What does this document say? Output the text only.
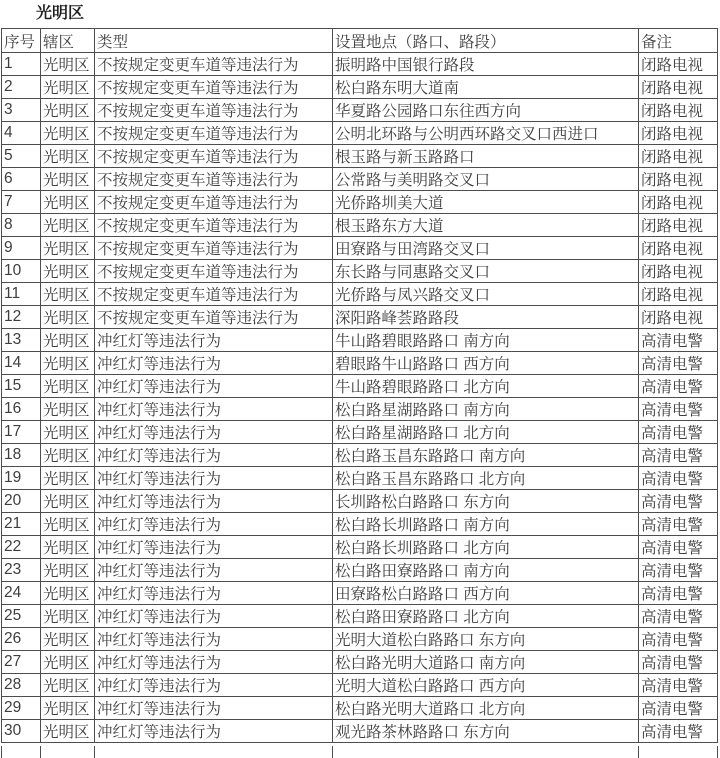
光明区
序号	辖区	类型	设置地点（路口、路段）	备注
1	光明区	不按规定变更车道等违法行为	振明路中国银行路段	闭路电视
2	光明区	不按规定变更车道等违法行为	松白路东明大道南	闭路电视
3	光明区	不按规定变更车道等违法行为	华夏路公园路口东往西方向	闭路电视
4	光明区	不按规定变更车道等违法行为	公明北环路与公明西环路交叉口西进口	闭路电视
5	光明区	不按规定变更车道等违法行为	根玉路与新玉路路口	闭路电视
6	光明区	不按规定变更车道等违法行为	公常路与美明路交叉口	闭路电视
7	光明区	不按规定变更车道等违法行为	光侨路圳美大道	闭路电视
8	光明区	不按规定变更车道等违法行为	根玉路东方大道	闭路电视
9	光明区	不按规定变更车道等违法行为	田寮路与田湾路交叉口	闭路电视
10	光明区	不按规定变更车道等违法行为	东长路与同惠路交叉口	闭路电视
11	光明区	不按规定变更车道等违法行为	光侨路与凤兴路交叉口	闭路电视
12	光明区	不按规定变更车道等违法行为	深阳路峰荟路路段	闭路电视
13	光明区	冲红灯等违法行为	牛山路碧眼路路口 南方向	高清电警
14	光明区	冲红灯等违法行为	碧眼路牛山路路口 西方向	高清电警
15	光明区	冲红灯等违法行为	牛山路碧眼路路口 北方向	高清电警
16	光明区	冲红灯等违法行为	松白路星湖路路口 南方向	高清电警
17	光明区	冲红灯等违法行为	松白路星湖路路口 北方向	高清电警
18	光明区	冲红灯等违法行为	松白路玉昌东路路口 南方向	高清电警
19	光明区	冲红灯等违法行为	松白路玉昌东路路口 北方向	高清电警
20	光明区	冲红灯等违法行为	长圳路松白路路口 东方向	高清电警
21	光明区	冲红灯等违法行为	松白路长圳路路口 南方向	高清电警
22	光明区	冲红灯等违法行为	松白路长圳路路口 北方向	高清电警
23	光明区	冲红灯等违法行为	松白路田寮路路口 南方向	高清电警
24	光明区	冲红灯等违法行为	田寮路松白路路口 西方向	高清电警
25	光明区	冲红灯等违法行为	松白路田寮路路口 北方向	高清电警
26	光明区	冲红灯等违法行为	光明大道松白路路口 东方向	高清电警
27	光明区	冲红灯等违法行为	松白路光明大道路口 南方向	高清电警
28	光明区	冲红灯等违法行为	光明大道松白路路口 西方向	高清电警
29	光明区	冲红灯等违法行为	松白路光明大道路口 北方向	高清电警
30	光明区	冲红灯等违法行为	观光路茶林路路口 东方向	高清电警
